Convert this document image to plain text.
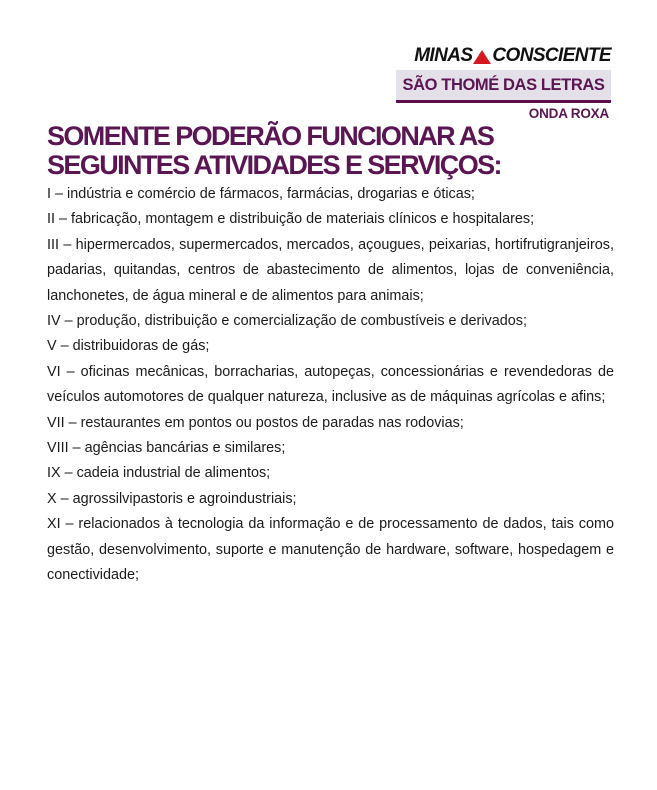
MINAS CONSCIENTE
SÃO THOMÉ DAS LETRAS
ONDA ROXA
SOMENTE PODERÃO FUNCIONAR AS
SEGUINTES ATIVIDADES E SERVIÇOS:
I – indústria e comércio de fármacos, farmácias, drogarias e óticas;
II – fabricação, montagem e distribuição de materiais clínicos e hospitalares;
III – hipermercados, supermercados, mercados, açougues, peixarias, hortifrutigranjeiros, padarias, quitandas, centros de abastecimento de alimentos, lojas de conveniência, lanchonetes, de água mineral e de alimentos para animais;
IV – produção, distribuição e comercialização de combustíveis e derivados;
V – distribuidoras de gás;
VI – oficinas mecânicas, borracharias, autopeças, concessionárias e revendedoras de veículos automotores de qualquer natureza, inclusive as de máquinas agrícolas e afins;
VII – restaurantes em pontos ou postos de paradas nas rodovias;
VIII – agências bancárias e similares;
IX – cadeia industrial de alimentos;
X – agrossilvipastoris e agroindustriais;
XI – relacionados à tecnologia da informação e de processamento de dados, tais como gestão, desenvolvimento, suporte e manutenção de hardware, software, hospedagem e conectividade;
